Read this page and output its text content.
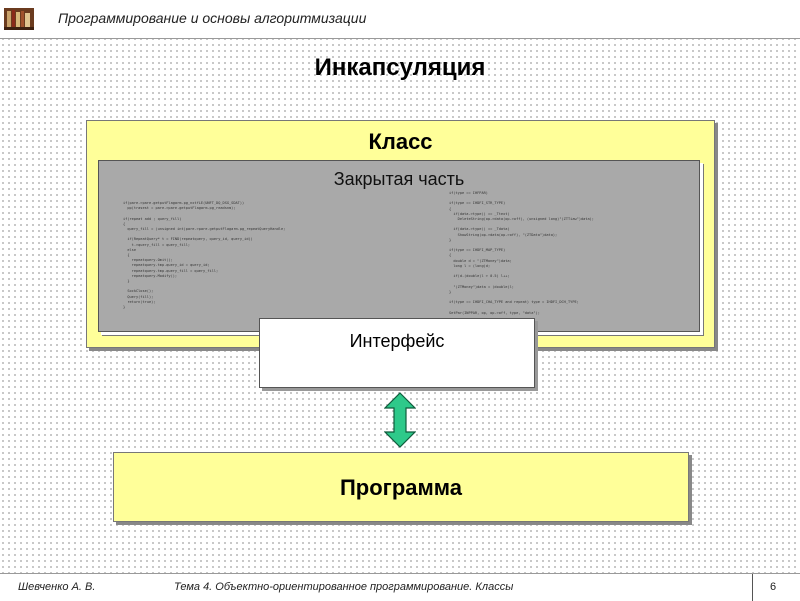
Программирование и основы алгоритмизации
Инкапсуляция
Класс
Закрытая часть
if(pare->pare.getputFlagarm.pg_nxtfLE(UNFT_DQ_DSG_SDAT))
pp(trasest = pare->pare.getputFlagarm.pg_readsnm);

if(repeat add ; query_fill)
{
query_fill = (unsigned int)pare->pare.getputFlagarm.pg_repeatQueryHandle;

if(RepeatQuery* t = FIND(repeatquery, query_id, query_id))
t->query_fill = query_fill;
else
{
repeatquery.Omit();
repeatquery.tmp.query_id = query_id;
repeatquery.tmp.query_fill = query_fill;
repeatquery.Modify();
}

SockClose();
Query(fill);
return(true);
}
if(type == IHFPAR)

if(type == IHDFI_STR_TYPE)
{
if(data->type() == _Ttext)
DeleteString(op->data(op->off), (unsigned long)"(ZTTiaw")data);

if(data->type() == _Tdata)
ShowString(op->data(op->off), "(ZTData")data);
}

if(type == IHDFI_MAP_TYPE)
{
double d = "(ZTMoney")data;
long l = (long)d;

if(d-(double)l > 0.5) l++;

"(ZTMoney")data = (double)l;
}

if(type == IHDFI_CHA_TYPE and repeat) type = IHDFI_DCH_TYPE;

SetPar(INPPAR, op, op->off, type, "data");
Интерфейс
Программа
Шевченко А. В.	Тема 4. Объектно-ориентированное программирование. Классы	6
